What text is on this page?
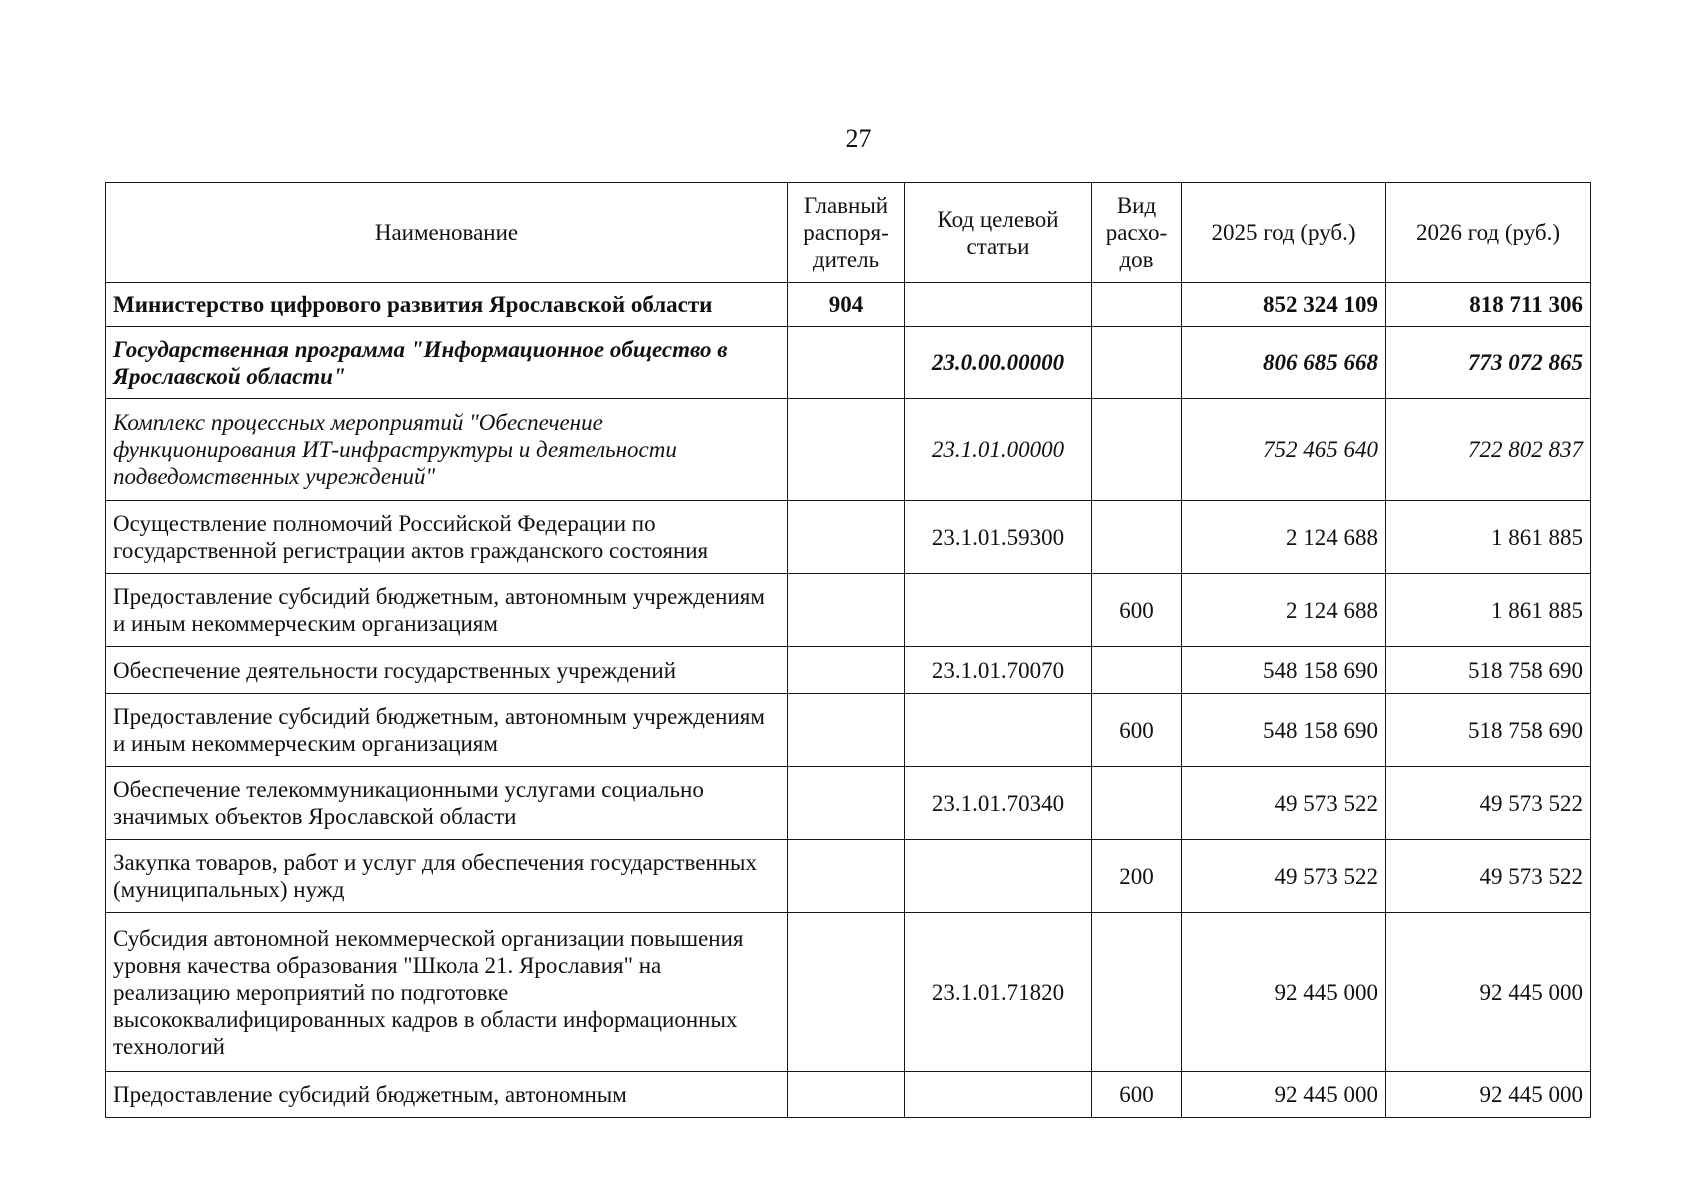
27
Наименование	Главный распоря- дитель	Код целевой статьи	Вид расхо- дов	2025 год (руб.)	2026 год (руб.)
Министерство цифрового развития Ярославской области	904			852 324 109	818 711 306
Государственная программа "Информационное общество в Ярославской области"		23.0.00.00000		806 685 668	773 072 865
Комплекс процессных мероприятий "Обеспечение функционирования ИТ-инфраструктуры и деятельности подведомственных учреждений"		23.1.01.00000		752 465 640	722 802 837
Осуществление полномочий Российской Федерации по государственной регистрации актов гражданского состояния		23.1.01.59300		2 124 688	1 861 885
Предоставление субсидий бюджетным, автономным учреждениям и иным некоммерческим организациям			600	2 124 688	1 861 885
Обеспечение деятельности государственных учреждений		23.1.01.70070		548 158 690	518 758 690
Предоставление субсидий бюджетным, автономным учреждениям и иным некоммерческим организациям			600	548 158 690	518 758 690
Обеспечение телекоммуникационными услугами социально значимых объектов Ярославской области		23.1.01.70340		49 573 522	49 573 522
Закупка товаров, работ и услуг для обеспечения государственных (муниципальных) нужд			200	49 573 522	49 573 522
Субсидия автономной некоммерческой организации повышения уровня качества образования "Школа 21. Ярославия" на реализацию мероприятий по подготовке высококвалифицированных кадров в области информационных технологий		23.1.01.71820		92 445 000	92 445 000
Предоставление субсидий бюджетным, автономным			600	92 445 000	92 445 000
